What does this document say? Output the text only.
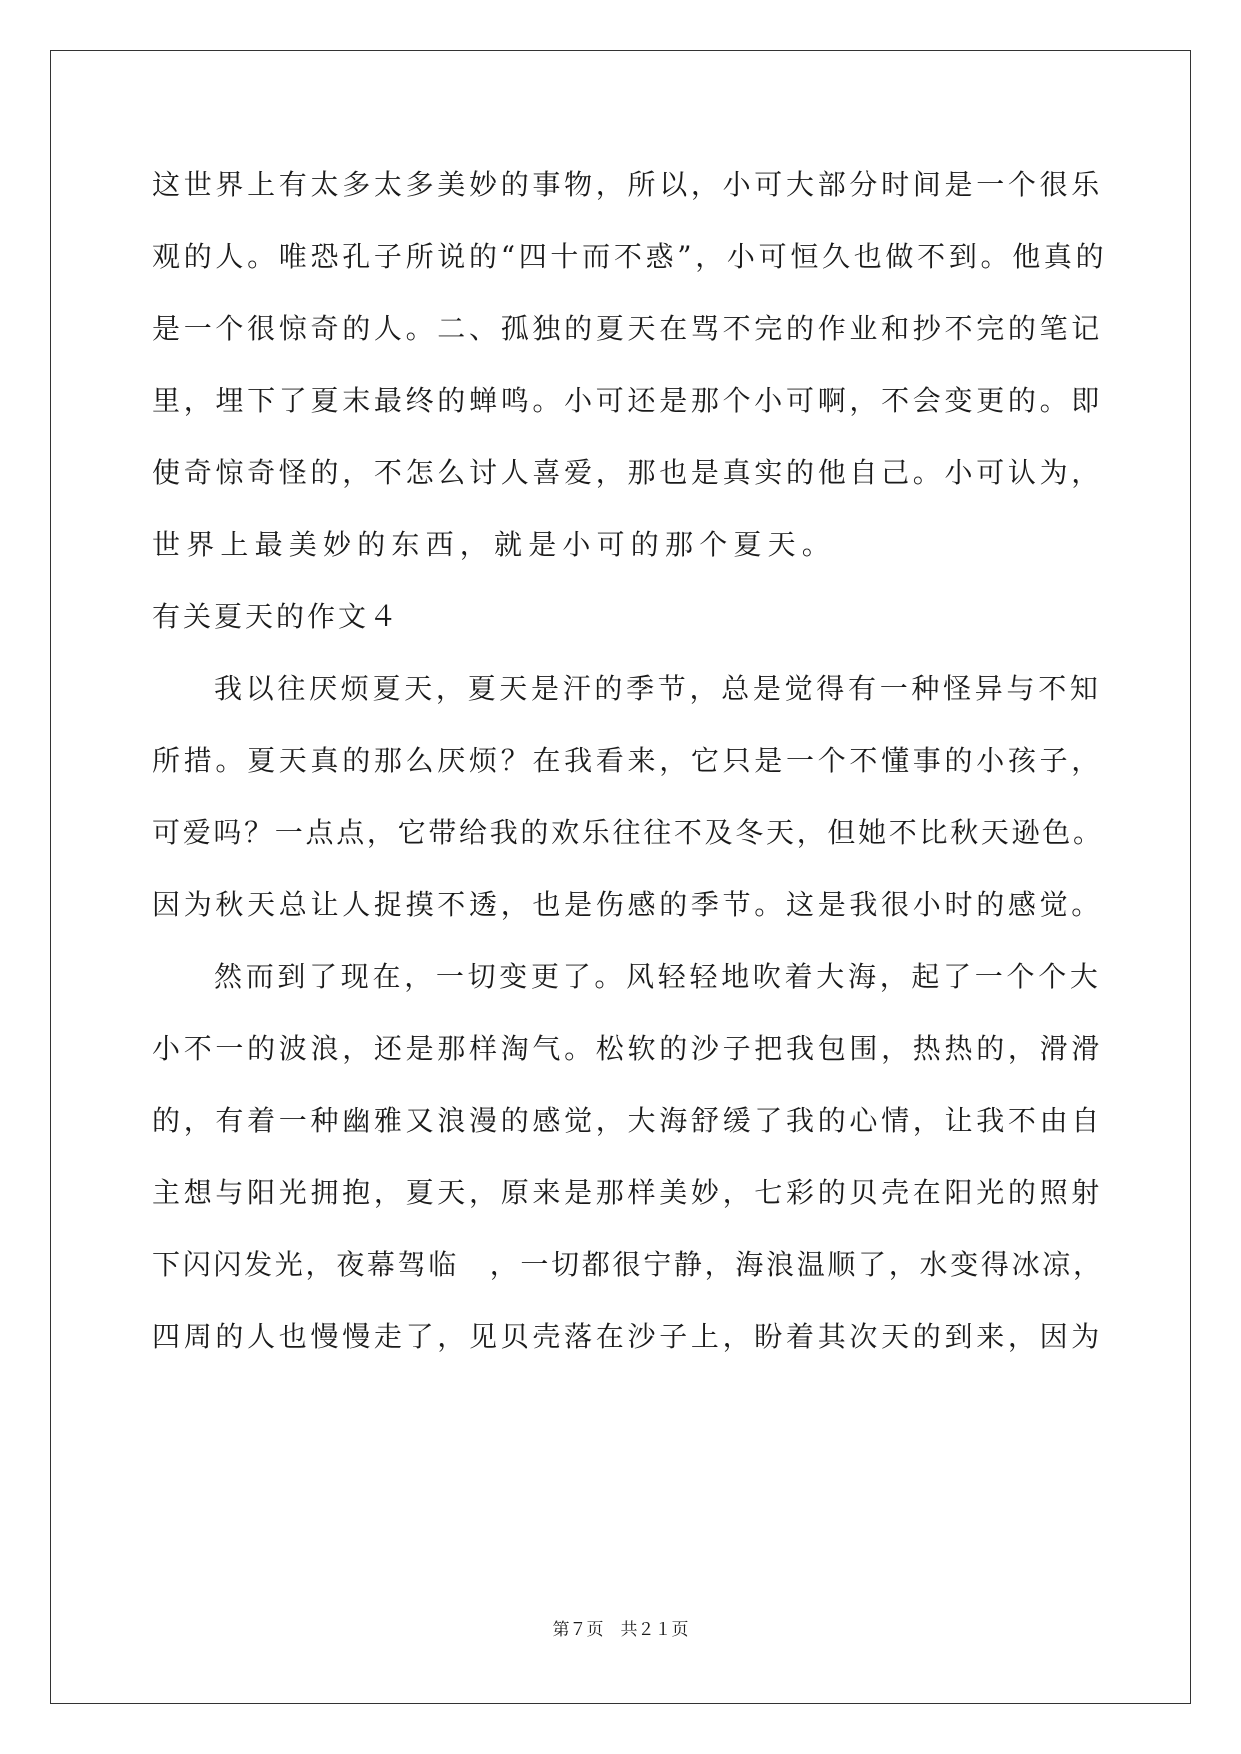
这世界上有太多太多美妙的事物，所以，小可大部分时间是一个很乐
观的人。唯恐孔子所说的“四十而不惑”，小可恒久也做不到。他真的
是一个很惊奇的人。二、孤独的夏天在骂不完的作业和抄不完的笔记
里，埋下了夏末最终的蝉鸣。小可还是那个小可啊，不会变更的。即
使奇惊奇怪的，不怎么讨人喜爱，那也是真实的他自己。小可认为，
世界上最美妙的东西，就是小可的那个夏天。
有关夏天的作文４
我以往厌烦夏天，夏天是汗的季节，总是觉得有一种怪异与不知
所措。夏天真的那么厌烦？在我看来，它只是一个不懂事的小孩子，
可爱吗？一点点，它带给我的欢乐往往不及冬天，但她不比秋天逊色。
因为秋天总让人捉摸不透，也是伤感的季节。这是我很小时的感觉。
然而到了现在，一切变更了。风轻轻地吹着大海，起了一个个大
小不一的波浪，还是那样淘气。松软的沙子把我包围，热热的，滑滑
的，有着一种幽雅又浪漫的感觉，大海舒缓了我的心情，让我不由自
主想与阳光拥抱，夏天，原来是那样美妙，七彩的贝壳在阳光的照射
下闪闪发光，夜幕驾临　，一切都很宁静，海浪温顺了，水变得冰凉，
四周的人也慢慢走了，见贝壳落在沙子上，盼着其次天的到来，因为
第７页　共２１页
